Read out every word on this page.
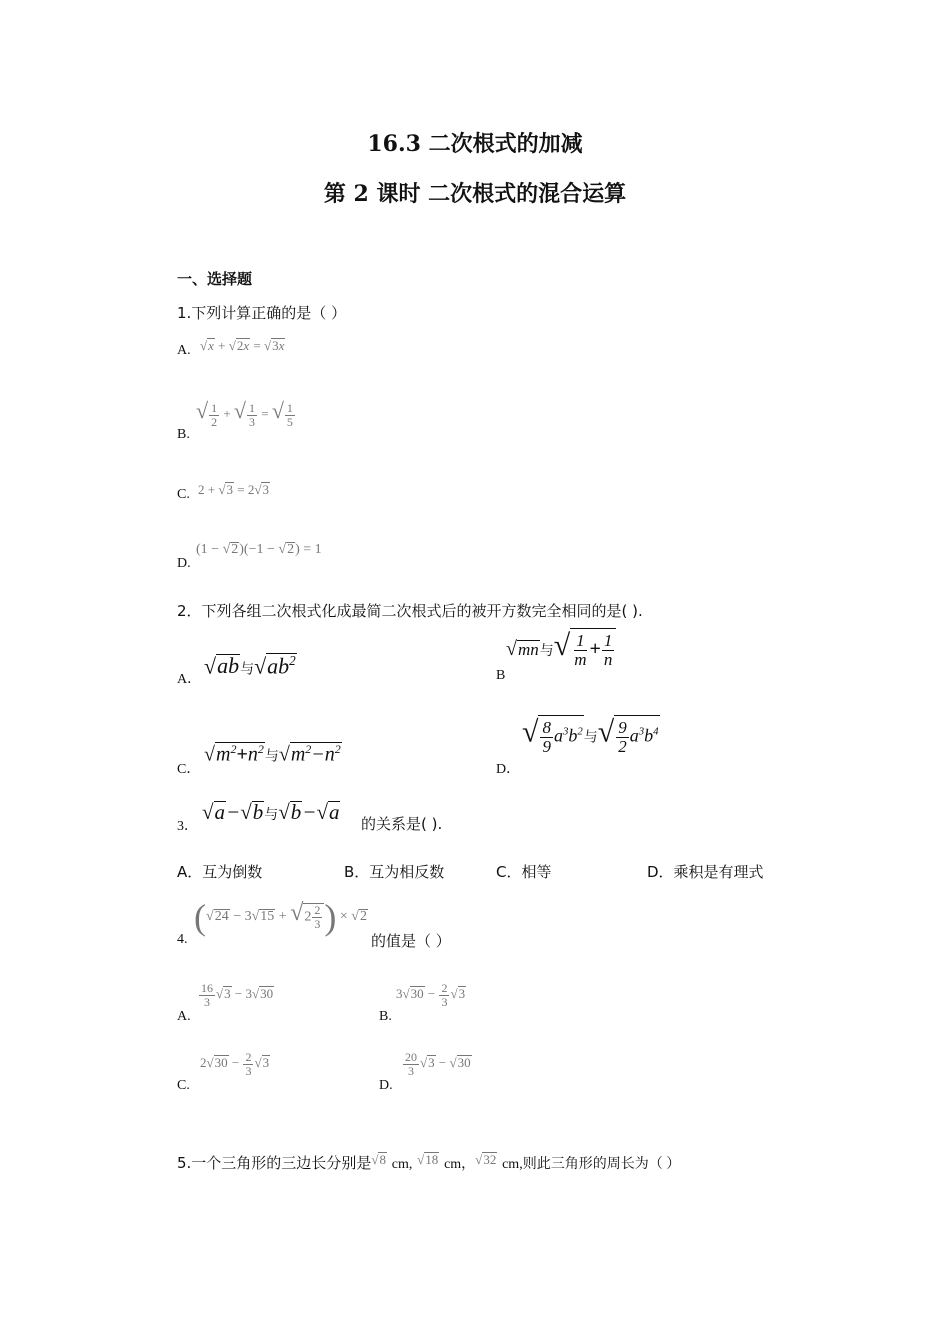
16.3 二次根式的加减
第 2 课时 二次根式的混合运算
一、选择题
1.下列计算正确的是（ ）
A. √x + √2x = √3x
B.
√ $\frac{1}{2}$ + √ $\frac{1}{3}$ = √ $\frac{1}{5}$
C. 2 + √3 = 2√3
D.
(1 − √2)(−1 − √2) = 1
2．下列各组二次根式化成最简二次根式后的被开方数完全相同的是( ).
A．
√ab与$√ab^2$
B
√mn与√ $\frac{1}{m} + \frac{1}{n}$
C．
$√m^2+n^2$与$√m^2-n^2$
D．
√ $\frac{8}{9} a^3b^2$与√ $\frac{9}{2} a^3b^4$
3．
√a−√b与√b−√a 的关系是( ).
A．互为倒数	B．互为相反数	C．相等	D．乘积是有理式
4.
($√24 - 3√15 + √2 \frac{2}{3}$ ) × √2
的值是（ ）
A.
$\frac{16}{3} √3 - 3√30$
B.
$3√30 - \frac{2}{3} √3$
C.
$2√30 - \frac{2}{3} √3$
D.
$\frac{20}{3} √3 - √30$
5.一个三角形的三边长分别是√8 cm, √18 cm，√32 cm,则此三角形的周长为（ ）
